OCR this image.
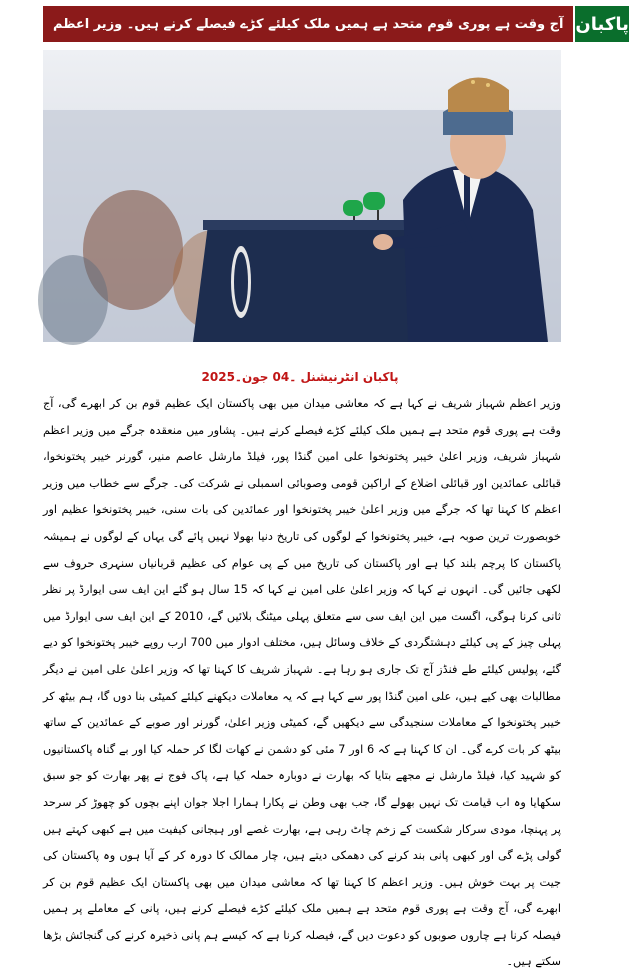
آج وقت ہے پوری قوم متحد ہے ہمیں ملک کیلئے کڑے فیصلے کرنے ہیں۔ وزیر اعظم پاکبان
پاکبان انٹرنیشنل ۔04 جون۔2025

وزیر اعظم شہباز شریف نے کہا ہے کہ معاشی میدان میں بھی پاکستان ایک عظیم قوم بن کر ابھرے گی، آج وقت ہے پوری قوم متحد ہے ہمیں ملک کیلئے کڑے فیصلے کرنے ہیں۔ پشاور میں منعقدہ جرگے میں وزیر اعظم شہباز شریف، وزیر اعلیٰ خیبر پختونخوا علی امین گنڈا پور، فیلڈ مارشل عاصم منیر، گورنر خیبر پختونخوا، قبائلی عمائدین اور قبائلی اضلاع کے اراکین قومی وصوبائی اسمبلی نے شرکت کی۔ جرگے سے خطاب میں وزیر اعظم کا کہنا تھا کہ جرگے میں وزیر اعلیٰ خیبر پختونخوا اور عمائدین کی بات سنی، خیبر پختونخوا عظیم اور خوبصورت ترین صوبہ ہے، خیبر پختونخوا کے لوگوں کی تاریخ دنیا بھولا نہیں پائے گی یہاں کے لوگوں نے ہمیشہ پاکستان کا پرچم بلند کیا ہے اور پاکستان کی تاریخ میں کے پی عوام کی عظیم قربانیاں سنہری حروف سے لکھی جائیں گی۔ انہوں نے کہا کہ وزیر اعلیٰ علی امین نے کہا کہ 15 سال ہو گئے این ایف سی ایوارڈ پر نظر ثانی کرنا ہوگی، اگست میں این ایف سی سے متعلق پہلی میٹنگ بلائیں گے، 2010 کے این ایف سی ایوارڈ میں پہلی چیز کے پی کیلئے دہشتگردی کے خلاف وسائل ہیں، مختلف ادوار میں 700 ارب روپے خیبر پختونخوا کو دیے گئے، پولیس کیلئے طے فنڈز آج تک جاری ہو رہا ہے۔ شہباز شریف کا کہنا تھا کہ وزیر اعلیٰ علی امین نے دیگر مطالبات بھی کیے ہیں، علی امین گنڈا پور سے کہا ہے کہ یہ معاملات دیکھنے کیلئے کمیٹی بنا دوں گا، ہم بیٹھ کر خیبر پختونخوا کے معاملات سنجیدگی سے دیکھیں گے، کمیٹی وزیر اعلیٰ، گورنر اور صوبے کے عمائدین کے ساتھ بیٹھ کر بات کرے گی۔ ان کا کہنا ہے کہ 6 اور 7 مئی کو دشمن نے کھات لگا کر حملہ کیا اور بے گناہ پاکستانیوں کو شہید کیا، فیلڈ مارشل نے مجھے بتایا کہ بھارت نے دوبارہ حملہ کیا ہے، پاک فوج نے پھر بھارت کو جو سبق سکھایا وہ اب قیامت تک نہیں بھولے گا، جب بھی وطن نے پکارا ہمارا اجلا جوان اپنے بچوں کو چھوڑ کر سرحد پر پہنچا، مودی سرکار شکست کے زخم چاٹ رہی ہے، بھارت غصے اور ہیجانی کیفیت میں ہے کبھی کہتے ہیں گولی پڑے گی اور کبھی پانی بند کرنے کی دھمکی دیتے ہیں، چار ممالک کا دورہ کر کے آیا ہوں وہ پاکستان کی جیت پر بہت خوش ہیں۔ وزیر اعظم کا کہنا تھا کہ معاشی میدان میں بھی پاکستان ایک عظیم قوم بن کر ابھرے گی، آج وقت ہے پوری قوم متحد ہے ہمیں ملک کیلئے کڑے فیصلے کرنے ہیں، پانی کے معاملے پر ہمیں فیصلہ کرنا ہے چاروں صوبوں کو دعوت دیں گے، فیصلہ کرنا ہے کہ کیسے ہم پانی ذخیرہ کرنے کی گنجائش بڑھا سکتے ہیں۔
